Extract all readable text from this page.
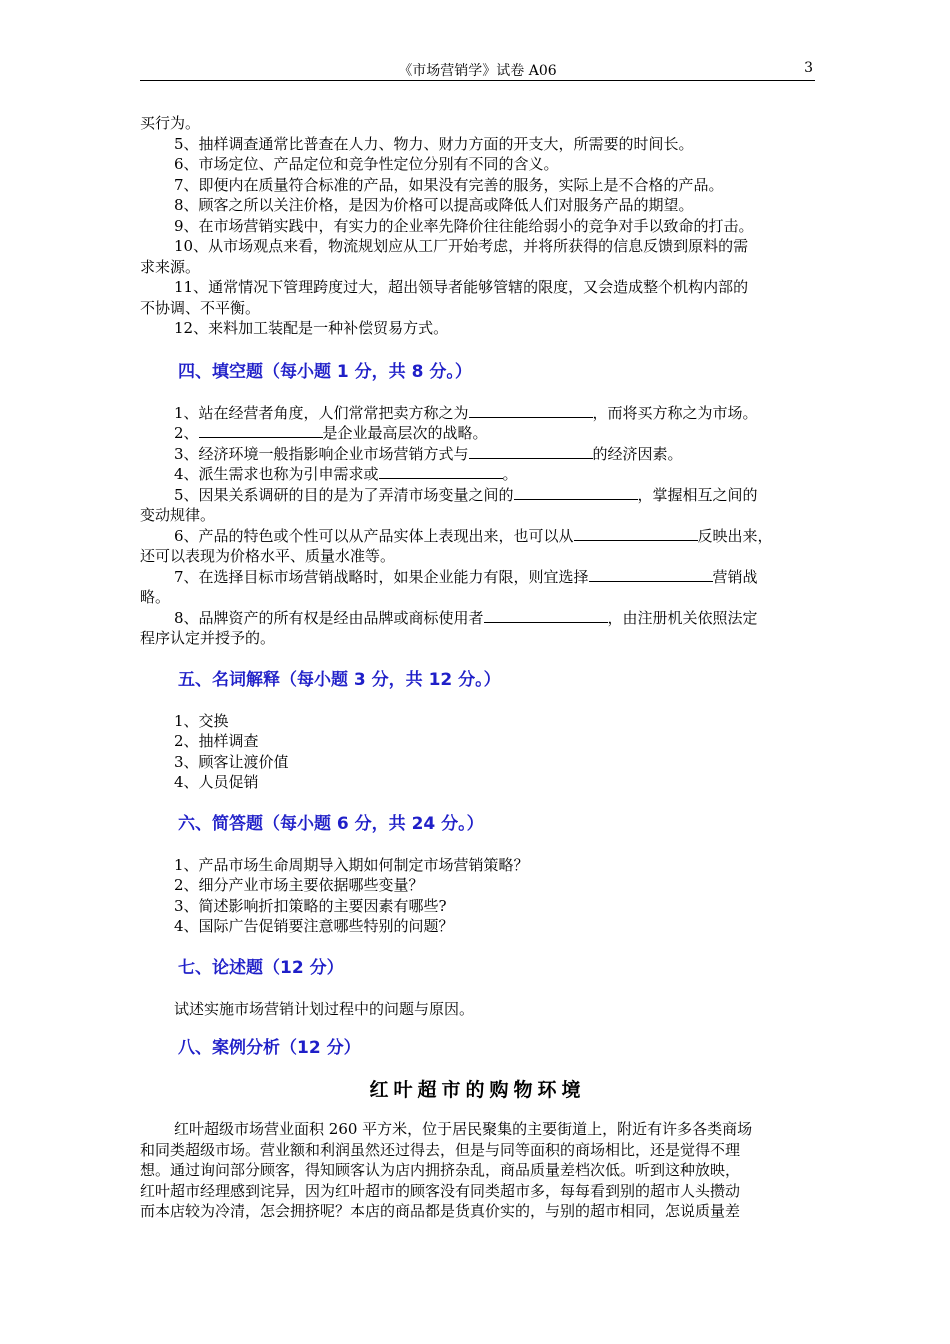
《市场营销学》试卷 A06	3

买行为。

5、抽样调查通常比普查在人力、物力、财力方面的开支大，所需要的时间长。

6、市场定位、产品定位和竞争性定位分别有不同的含义。

7、即便内在质量符合标准的产品，如果没有完善的服务，实际上是不合格的产品。

8、顾客之所以关注价格，是因为价格可以提高或降低人们对服务产品的期望。

9、在市场营销实践中，有实力的企业率先降价往往能给弱小的竞争对手以致命的打击。

10、从市场观点来看，物流规划应从工厂开始考虑，并将所获得的信息反馈到原料的需

求来源。

11、通常情况下管理跨度过大，超出领导者能够管辖的限度，又会造成整个机构内部的

不协调、不平衡。

12、来料加工装配是一种补偿贸易方式。

四、填空题（每小题 1 分，共 8 分。）

1、站在经营者角度，人们常常把卖方称之为	，而将买方称之为市场。

2、	是企业最高层次的战略。

3、经济环境一般指影响企业市场营销方式与	的经济因素。

4、派生需求也称为引申需求或	。

5、因果关系调研的目的是为了弄清市场变量之间的	，掌握相互之间的

变动规律。

6、产品的特色或个性可以从产品实体上表现出来，也可以从	反映出来，

还可以表现为价格水平、质量水准等。

7、在选择目标市场营销战略时，如果企业能力有限，则宜选择	营销战

略。

8、品牌资产的所有权是经由品牌或商标使用者	，由注册机关依照法定

程序认定并授予的。

五、名词解释（每小题 3 分，共 12 分。）

1、交换

2、抽样调查

3、顾客让渡价值

4、人员促销

六、简答题（每小题 6 分，共 24 分。）

1、产品市场生命周期导入期如何制定市场营销策略？

2、细分产业市场主要依据哪些变量？

3、简述影响折扣策略的主要因素有哪些?

4、国际广告促销要注意哪些特别的问题？

七、论述题（12 分）

试述实施市场营销计划过程中的问题与原因。

八、案例分析（12 分）

红叶超市的购物环境

红叶超级市场营业面积 260 平方米，位于居民聚集的主要街道上，附近有许多各类商场

和同类超级市场。营业额和利润虽然还过得去，但是与同等面积的商场相比，还是觉得不理

想。通过询问部分顾客，得知顾客认为店内拥挤杂乱，商品质量差档次低。听到这种放映，

红叶超市经理感到诧异，因为红叶超市的顾客没有同类超市多，每每看到别的超市人头攒动

而本店较为冷清，怎会拥挤呢？本店的商品都是货真价实的，与别的超市相同，怎说质量差
